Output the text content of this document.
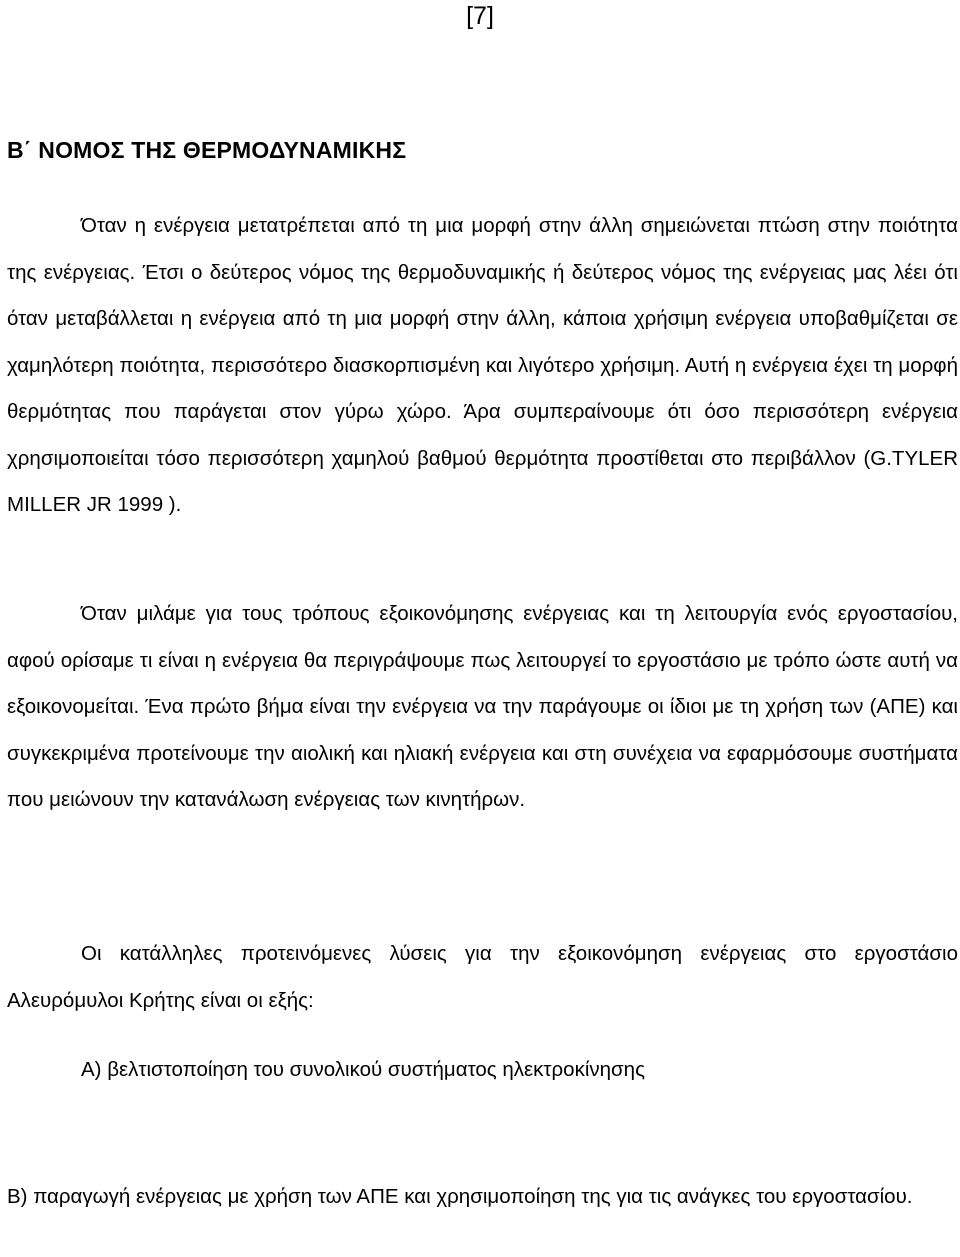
[7]
Β΄ ΝΟΜΟΣ ΤΗΣ ΘΕΡΜΟΔΥΝΑΜΙΚΗΣ

Όταν η ενέργεια μετατρέπεται από τη μια μορφή στην άλλη σημειώνεται πτώση στην ποιότητα της ενέργειας. Έτσι ο δεύτερος νόμος της θερμοδυναμικής ή δεύτερος νόμος της ενέργειας μας λέει ότι όταν μεταβάλλεται η ενέργεια από τη μια μορφή στην άλλη, κάποια χρήσιμη ενέργεια υποβαθμίζεται σε χαμηλότερη ποιότητα, περισσότερο διασκορπισμένη και λιγότερο χρήσιμη. Αυτή η ενέργεια έχει τη μορφή θερμότητας που παράγεται στον γύρω χώρο. Άρα συμπεραίνουμε ότι όσο περισσότερη ενέργεια χρησιμοποιείται τόσο περισσότερη χαμηλού βαθμού θερμότητα προστίθεται στο περιβάλλον (G.TYLER MILLER JR 1999 ).

Όταν μιλάμε για τους τρόπους εξοικονόμησης ενέργειας και τη λειτουργία ενός εργοστασίου, αφού ορίσαμε τι είναι η ενέργεια θα περιγράψουμε πως λειτουργεί το εργοστάσιο με τρόπο ώστε αυτή να εξοικονομείται. Ένα πρώτο βήμα είναι την ενέργεια να την παράγουμε οι ίδιοι με τη χρήση των (ΑΠΕ) και συγκεκριμένα προτείνουμε την αιολική και ηλιακή ενέργεια και στη συνέχεια να εφαρμόσουμε συστήματα που μειώνουν την κατανάλωση ενέργειας των κινητήρων.

Οι κατάλληλες προτεινόμενες λύσεις για την εξοικονόμηση ενέργειας στο εργοστάσιο Αλευρόμυλοι Κρήτης είναι οι εξής:

Α) βελτιστοποίηση του συνολικού συστήματος ηλεκτροκίνησης

Β) παραγωγή ενέργειας με χρήση των ΑΠΕ και χρησιμοποίηση της για τις ανάγκες του εργοστασίου.
